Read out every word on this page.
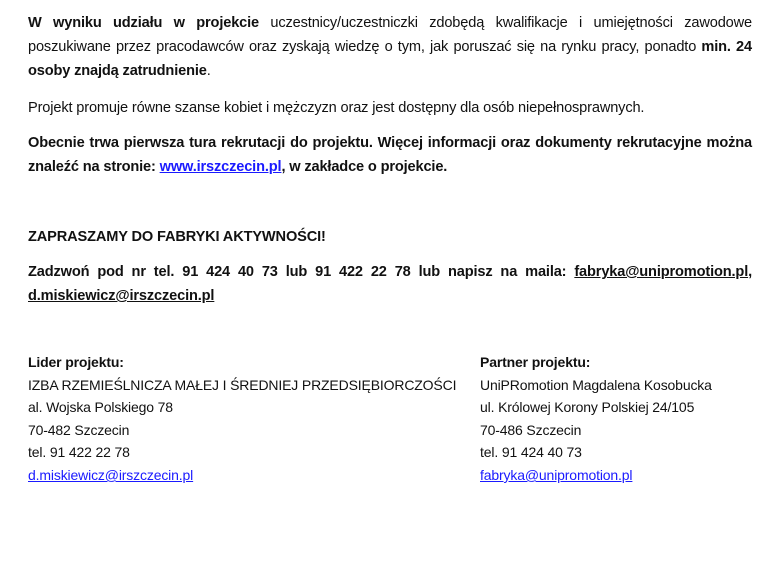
W wyniku udziału w projekcie uczestnicy/uczestniczki zdobędą kwalifikacje i umiejętności zawodowe poszukiwane przez pracodawców oraz zyskają wiedzę o tym, jak poruszać się na rynku pracy, ponadto min. 24 osoby znajdą zatrudnienie.

Projekt promuje równe szanse kobiet i mężczyzn oraz jest dostępny dla osób niepełnosprawnych.

Obecnie trwa pierwsza tura rekrutacji do projektu. Więcej informacji oraz dokumenty rekrutacyjne można znaleźć na stronie: www.irszczecin.pl, w zakładce o projekcie.

ZAPRASZAMY DO FABRYKI AKTYWNOŚCI!

Zadzwoń pod nr tel. 91 424 40 73 lub 91 422 22 78 lub napisz na maila: fabryka@unipromotion.pl, d.miskiewicz@irszczecin.pl

Lider projektu:
IZBA RZEMIEŚLNICZA MAŁEJ I ŚREDNIEJ PRZEDSIĘBIORCZOŚCI
al. Wojska Polskiego 78
70-482 Szczecin
tel. 91 422 22 78
d.miskiewicz@irszczecin.pl
Partner projektu:
UniPRomotion Magdalena Kosobucka
ul. Królowej Korony Polskiej 24/105
70-486 Szczecin
tel. 91 424 40 73
fabryka@unipromotion.pl
